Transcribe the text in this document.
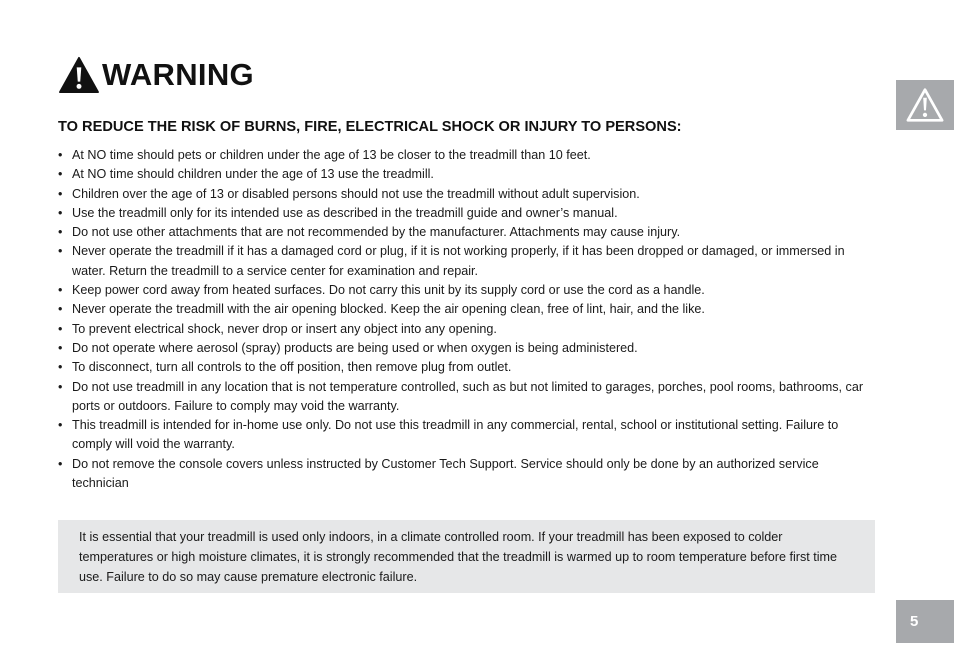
WARNING
TO REDUCE THE RISK OF BURNS, FIRE, ELECTRICAL SHOCK OR INJURY TO PERSONS:
• At NO time should pets or children under the age of 13 be closer to the treadmill than 10 feet.
• At NO time should children under the age of 13 use the treadmill.
• Children over the age of 13 or disabled persons should not use the treadmill without adult supervision.
• Use the treadmill only for its intended use as described in the treadmill guide and owner’s manual.
• Do not use other attachments that are not recommended by the manufacturer. Attachments may cause injury.
• Never operate the treadmill if it has a damaged cord or plug, if it is not working properly, if it has been dropped or damaged, or immersed in water. Return the treadmill to a service center for examination and repair.
• Keep power cord away from heated surfaces. Do not carry this unit by its supply cord or use the cord as a handle.
• Never operate the treadmill with the air opening blocked. Keep the air opening clean, free of lint, hair, and the like.
• To prevent electrical shock, never drop or insert any object into any opening.
• Do not operate where aerosol (spray) products are being used or when oxygen is being administered.
• To disconnect, turn all controls to the off position, then remove plug from outlet.
• Do not use treadmill in any location that is not temperature controlled, such as but not limited to garages, porches, pool rooms, bathrooms, car ports or outdoors. Failure to comply may void the warranty.
• This treadmill is intended for in-home use only. Do not use this treadmill in any commercial, rental, school or institutional setting. Failure to comply will void the warranty.
• Do not remove the console covers unless instructed by Customer Tech Support. Service should only be done by an authorized service technician
It is essential that your treadmill is used only indoors, in a climate controlled room. If your treadmill has been exposed to colder temperatures or high moisture climates, it is strongly recommended that the treadmill is warmed up to room temperature before first time use. Failure to do so may cause premature electronic failure.
5
